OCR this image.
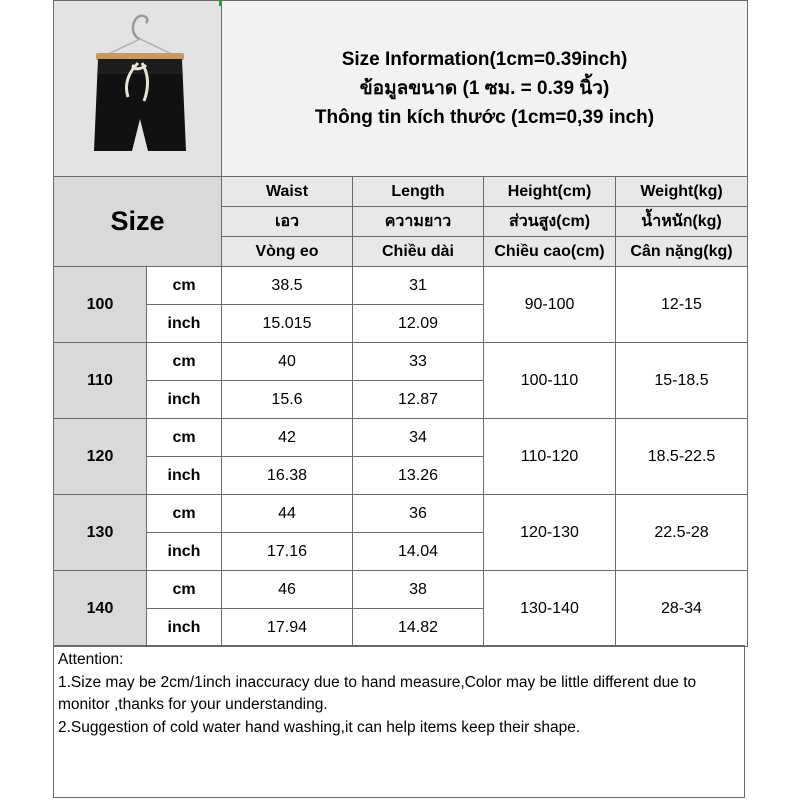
Size Information(1cm=0.39inch)
ข้อมูลขนาด (1 ซม. = 0.39 นิ้ว)
Thông tin kích thước (1cm=0,39 inch)			

Size		Waist	Length	Height(cm)	Weight(kg)
		เอว	ความยาว	ส่วนสูง(cm)	น้ำหนัก(kg)
		Vòng eo	Chiều dài	Chiều cao(cm)	Cân nặng(kg)
100	cm	38.5	31	90-100	12-15
	inch	15.015	12.09		
110	cm	40	33	100-110	15-18.5
	inch	15.6	12.87		
120	cm	42	34	110-120	18.5-22.5
	inch	16.38	13.26		
130	cm	44	36	120-130	22.5-28
	inch	17.16	14.04		
140	cm	46	38	130-140	28-34
	inch	17.94	14.82		
Attention:
1.Size may be 2cm/1inch inaccuracy due to hand measure,Color may be little different due to monitor ,thanks for your understanding.
2.Suggestion of cold water hand washing,it can help items keep their shape.
